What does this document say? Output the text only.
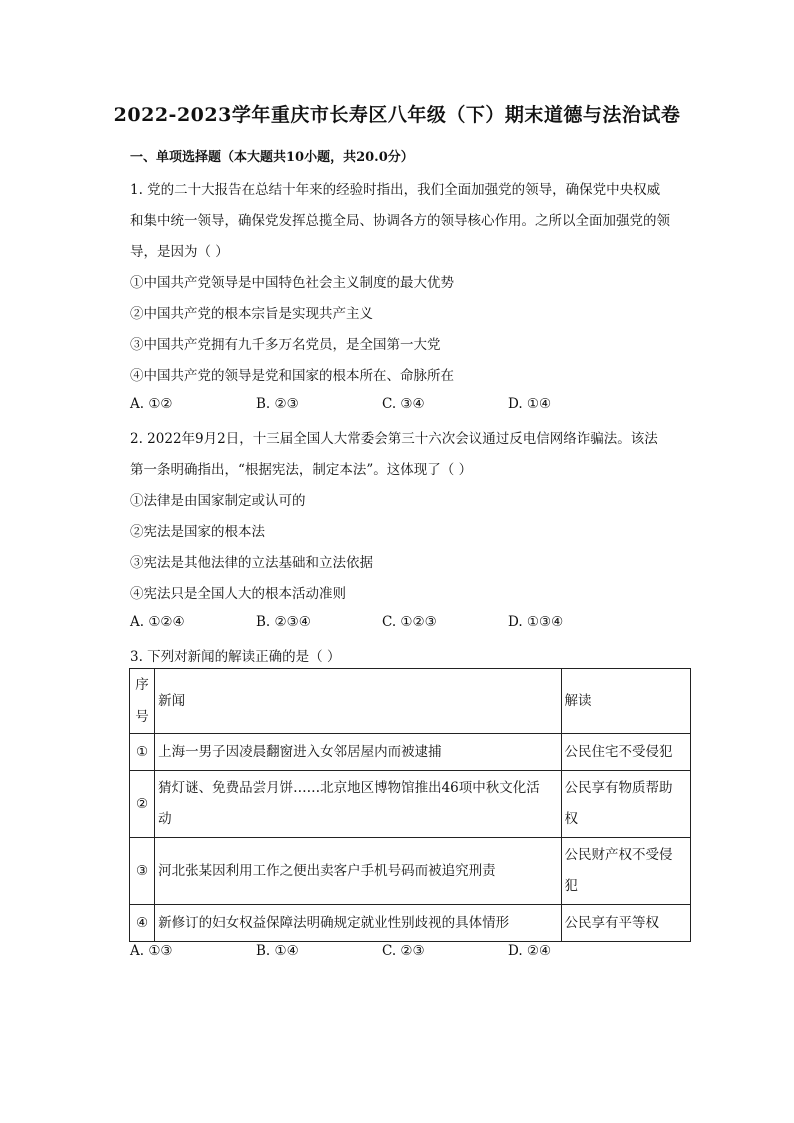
2022-2023学年重庆市长寿区八年级（下）期末道德与法治试卷
一、单项选择题（本大题共10小题，共20.0分）
1. 党的二十大报告在总结十年来的经验时指出，我们全面加强党的领导，确保党中央权威
和集中统一领导，确保党发挥总揽全局、协调各方的领导核心作用。之所以全面加强党的领
导，是因为（ ）
①中国共产党领导是中国特色社会主义制度的最大优势
②中国共产党的根本宗旨是实现共产主义
③中国共产党拥有九千多万名党员，是全国第一大党
④中国共产党的领导是党和国家的根本所在、命脉所在
A. ①②	B. ②③	C. ③④	D. ①④
2. 2022年9月2日，十三届全国人大常委会第三十六次会议通过反电信网络诈骗法。该法
第一条明确指出，“根据宪法，制定本法”。这体现了（ ）
①法律是由国家制定或认可的
②宪法是国家的根本法
③宪法是其他法律的立法基础和立法依据
④宪法只是全国人大的根本活动准则
A. ①②④	B. ②③④	C. ①②③	D. ①③④
3. 下列对新闻的解读正确的是（ ）
序号	新闻	解读
①	上海一男子因凌晨翻窗进入女邻居屋内而被逮捕	公民住宅不受侵犯
②	猜灯谜、免费品尝月饼……北京地区博物馆推出46项中秋文化活
动	公民享有物质帮助
权
③	河北张某因利用工作之便出卖客户手机号码而被追究刑责	公民财产权不受侵
犯
④	新修订的妇女权益保障法明确规定就业性别歧视的具体情形	公民享有平等权
A. ①③	B. ①④	C. ②③	D. ②④
